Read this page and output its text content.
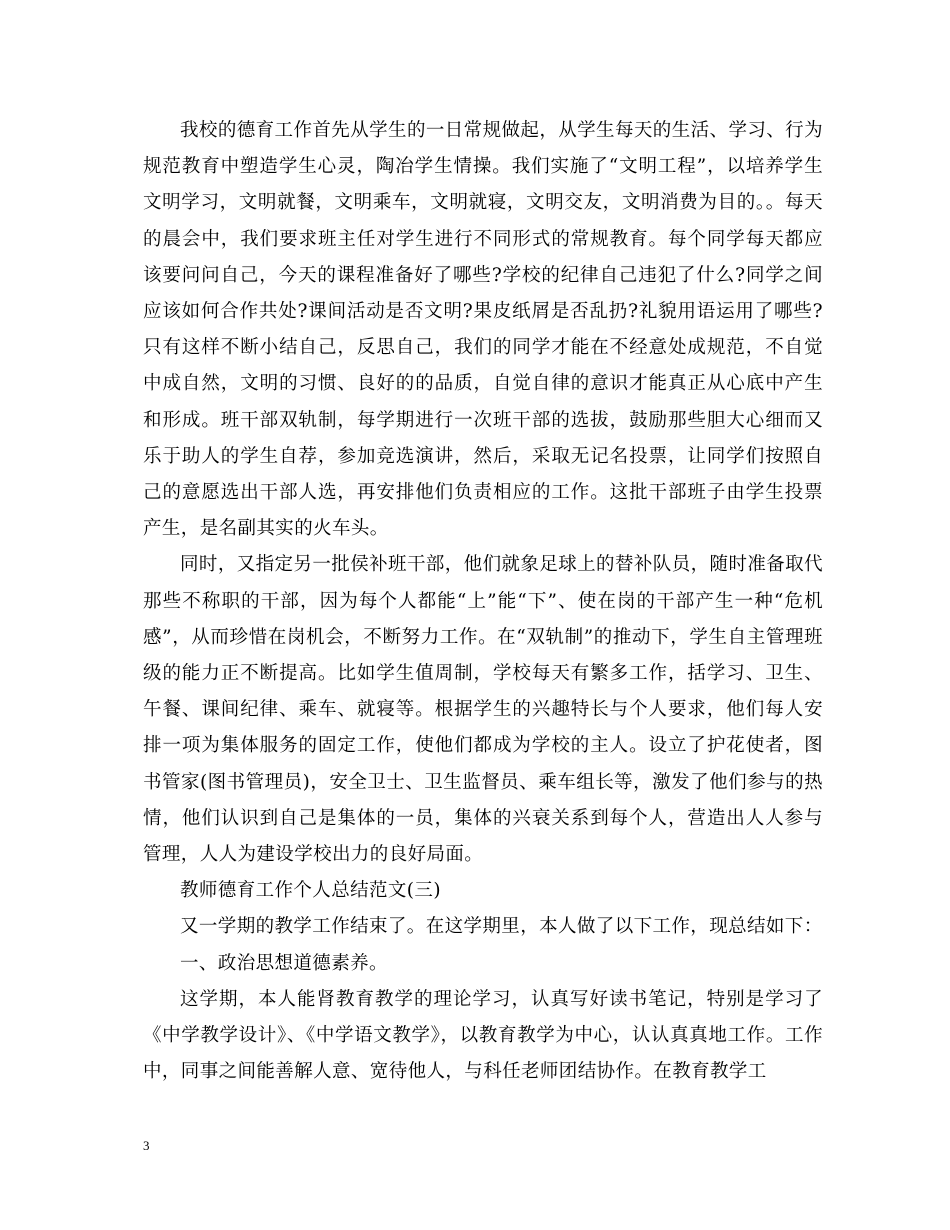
我校的德育工作首先从学生的一日常规做起，从学生每天的生活、学习、行为规范教育中塑造学生心灵，陶冶学生情操。我们实施了“文明工程”，以培养学生文明学习，文明就餐，文明乘车，文明就寝，文明交友，文明消费为目的。。每天的晨会中，我们要求班主任对学生进行不同形式的常规教育。每个同学每天都应该要问问自己，今天的课程准备好了哪些?学校的纪律自己违犯了什么?同学之间应该如何合作共处?课间活动是否文明?果皮纸屑是否乱扔?礼貌用语运用了哪些?只有这样不断小结自己，反思自己，我们的同学才能在不经意处成规范，不自觉中成自然，文明的习惯、良好的的品质，自觉自律的意识才能真正从心底中产生和形成。班干部双轨制，每学期进行一次班干部的选拔，鼓励那些胆大心细而又乐于助人的学生自荐，参加竞选演讲，然后，采取无记名投票，让同学们按照自己的意愿选出干部人选，再安排他们负责相应的工作。这批干部班子由学生投票产生，是名副其实的火车头。

同时，又指定另一批侯补班干部，他们就象足球上的替补队员，随时准备取代那些不称职的干部，因为每个人都能“上”能“下”、使在岗的干部产生一种“危机感”，从而珍惜在岗机会，不断努力工作。在“双轨制”的推动下，学生自主管理班级的能力正不断提高。比如学生值周制，学校每天有繁多工作，括学习、卫生、午餐、课间纪律、乘车、就寝等。根据学生的兴趣特长与个人要求，他们每人安排一项为集体服务的固定工作，使他们都成为学校的主人。设立了护花使者，图书管家(图书管理员)，安全卫士、卫生监督员、乘车组长等，激发了他们参与的热情，他们认识到自己是集体的一员，集体的兴衰关系到每个人，营造出人人参与管理，人人为建设学校出力的良好局面。

教师德育工作个人总结范文(三)

又一学期的教学工作结束了。在这学期里，本人做了以下工作，现总结如下：

一、政治思想道德素养。

这学期，本人能肾教育教学的理论学习，认真写好读书笔记，特别是学习了《中学教学设计》、《中学语文教学》，以教育教学为中心，认认真真地工作。工作中，同事之间能善解人意、宽待他人，与科任老师团结协作。在教育教学工

3
